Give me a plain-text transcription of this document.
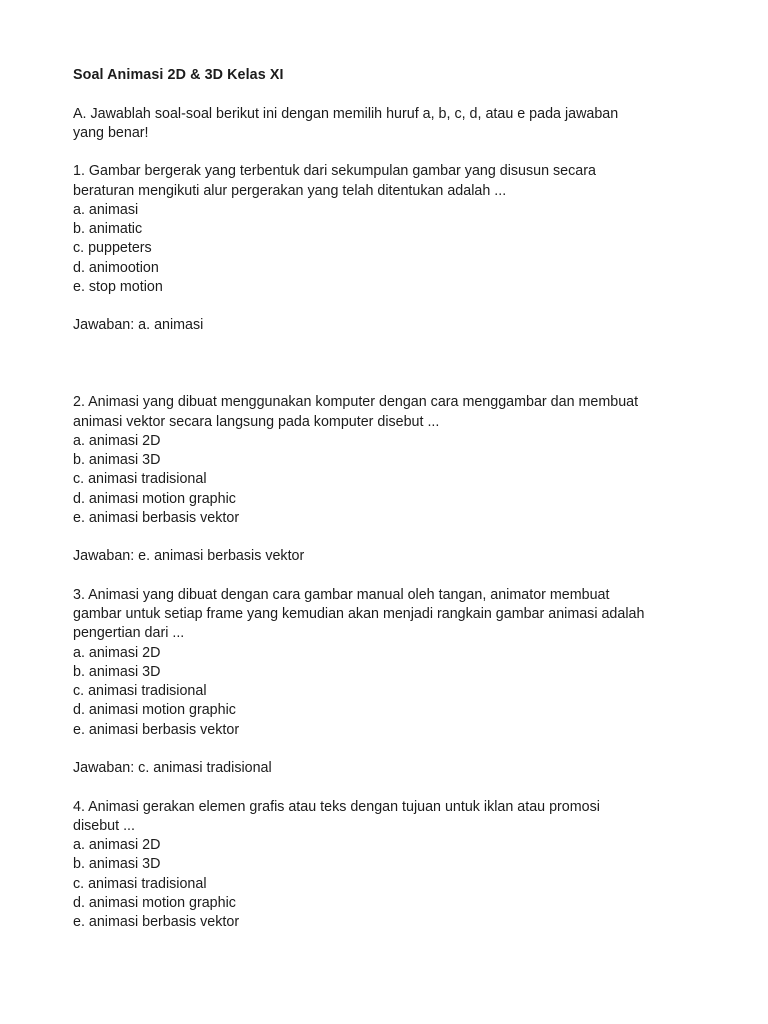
Soal Animasi 2D & 3D Kelas XI
A. Jawablah soal-soal berikut ini dengan memilih huruf a, b, c, d, atau e pada jawaban
yang benar!
1. Gambar bergerak yang terbentuk dari sekumpulan gambar yang disusun secara
beraturan mengikuti alur pergerakan yang telah ditentukan adalah ...
a. animasi
b. animatic
c. puppeters
d. animootion
e. stop motion
Jawaban: a. animasi
2. Animasi yang dibuat menggunakan komputer dengan cara menggambar dan membuat
animasi vektor secara langsung pada komputer disebut ...
a. animasi 2D
b. animasi 3D
c. animasi tradisional
d. animasi motion graphic
e. animasi berbasis vektor
Jawaban: e. animasi berbasis vektor
3. Animasi yang dibuat dengan cara gambar manual oleh tangan, animator membuat
gambar untuk setiap frame yang kemudian akan menjadi rangkain gambar animasi adalah
pengertian dari ...
a. animasi 2D
b. animasi 3D
c. animasi tradisional
d. animasi motion graphic
e. animasi berbasis vektor
Jawaban: c. animasi tradisional
4. Animasi gerakan elemen grafis atau teks dengan tujuan untuk iklan atau promosi
disebut ...
a. animasi 2D
b. animasi 3D
c. animasi tradisional
d. animasi motion graphic
e. animasi berbasis vektor
